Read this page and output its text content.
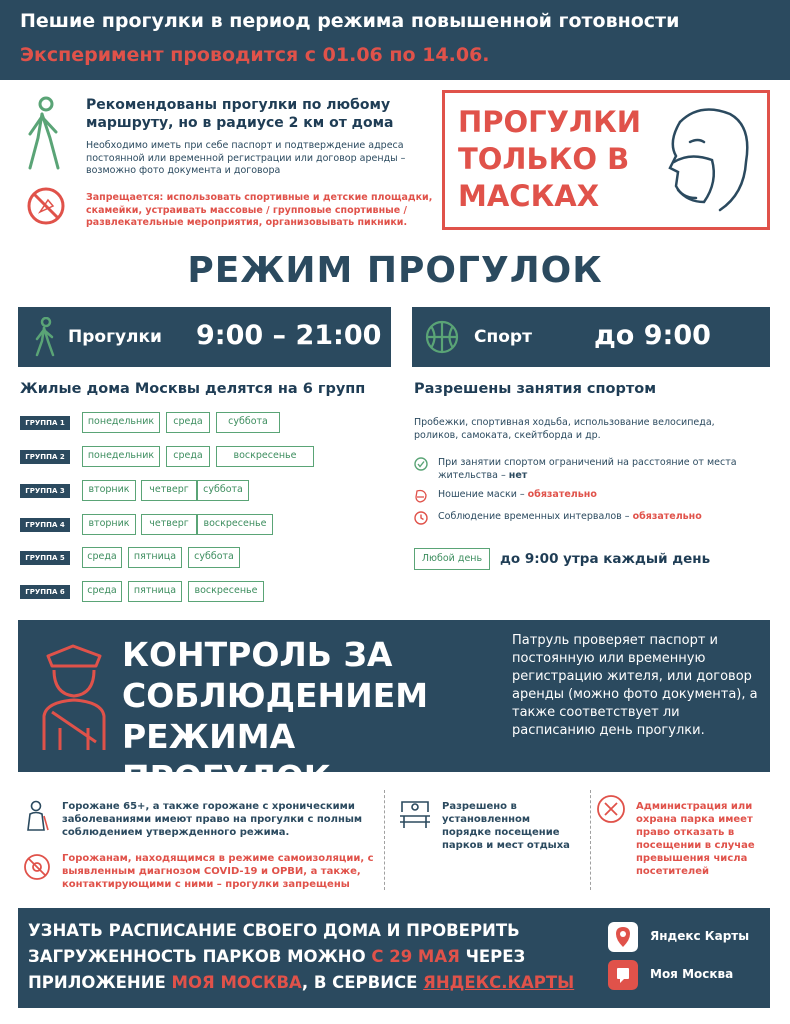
Пешие прогулки в период режима повышенной готовности
Эксперимент проводится с 01.06 по 14.06.
Рекомендованы прогулки по любому маршруту, но в радиусе 2 км от дома
Необходимо иметь при себе паспорт и подтверждение адреса постоянной или временной регистрации или договор аренды – возможно фото документа и договора
Запрещается: использовать спортивные и детские площадки, скамейки, устраивать массовые / групповые спортивные / развлекательные мероприятия, организовывать пикники.
ПРОГУЛКИ ТОЛЬКО В МАСКАХ
РЕЖИМ ПРОГУЛОК
Прогулки 9:00 – 21:00	Спорт до 9:00
Жилые дома Москвы делятся на 6 групп
ГРУППА 1	понедельник	среда	суббота
ГРУППА 2	понедельник	среда	воскресенье
ГРУППА 3	вторник	четверг	суббота
ГРУППА 4	вторник	четверг	воскресенье
ГРУППА 5	среда	пятница	суббота
ГРУППА 6	среда	пятница	воскресенье
Разрешены занятия спортом
Пробежки, спортивная ходьба, использование велосипеда, роликов, самоката, скейтборда и др.
При занятии спортом ограничений на расстояние от места жительства – нет
Ношение маски – обязательно
Соблюдение временных интервалов – обязательно
Любой день	до 9:00 утра каждый день
КОНТРОЛЬ ЗА СОБЛЮДЕНИЕМ РЕЖИМА ПРОГУЛОК
Патруль проверяет паспорт и постоянную или временную регистрацию жителя, или договор аренды (можно фото документа), а также соответствует ли расписанию день прогулки.
Горожане 65+, а также горожане с хроническими заболеваниями имеют право на прогулки с полным соблюдением утвержденного режима.
Горожанам, находящимся в режиме самоизоляции, с выявленным диагнозом COVID-19 и ОРВИ, а также, контактирующими с ними – прогулки запрещены
Разрешено в установленном порядке посещение парков и мест отдыха
Администрация или охрана парка имеет право отказать в посещении в случае превышения числа посетителей
УЗНАТЬ РАСПИСАНИЕ СВОЕГО ДОМА И ПРОВЕРИТЬ ЗАГРУЖЕННОСТЬ ПАРКОВ МОЖНО С 29 МАЯ ЧЕРЕЗ ПРИЛОЖЕНИЕ МОЯ МОСКВА, В СЕРВИСЕ ЯНДЕКС.КАРТЫ
Яндекс Карты
Моя Москва
